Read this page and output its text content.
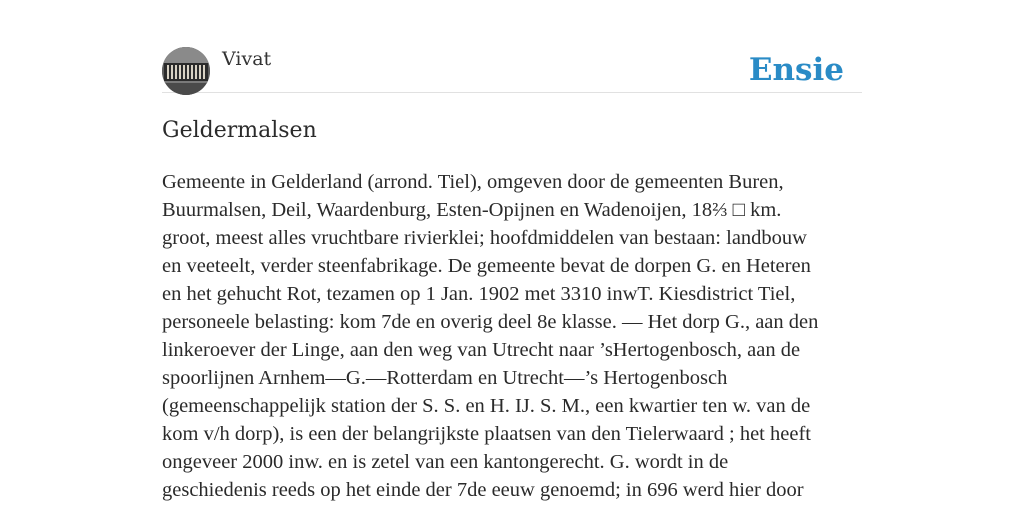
Vivat	Ensie
Geldermalsen
Gemeente in Gelderland (arrond. Tiel), omgeven door de gemeenten Buren,
Buurmalsen, Deil, Waardenburg, Esten-Opijnen en Wadenoijen, 18⅔ □ km.
groot, meest alles vruchtbare rivierklei; hoofdmiddelen van bestaan: landbouw
en veeteelt, verder steenfabrikage. De gemeente bevat de dorpen G. en Heteren
en het gehucht Rot, tezamen op 1 Jan. 1902 met 3310 inwT. Kiesdistrict Tiel,
personeele belasting: kom 7de en overig deel 8e klasse. — Het dorp G., aan den
linkeroever der Linge, aan den weg van Utrecht naar ’sHertogenbosch, aan de
spoorlijnen Arnhem—G.—Rotterdam en Utrecht—’s Hertogenbosch
(gemeenschappelijk station der S. S. en H. IJ. S. M., een kwartier ten w. van de
kom v/h dorp), is een der belangrijkste plaatsen van den Tielerwaard ; het heeft
ongeveer 2000 inw. en is zetel van een kantongerecht. G. wordt in de
geschiedenis reeds op het einde der 7de eeuw genoemd; in 696 werd hier door
